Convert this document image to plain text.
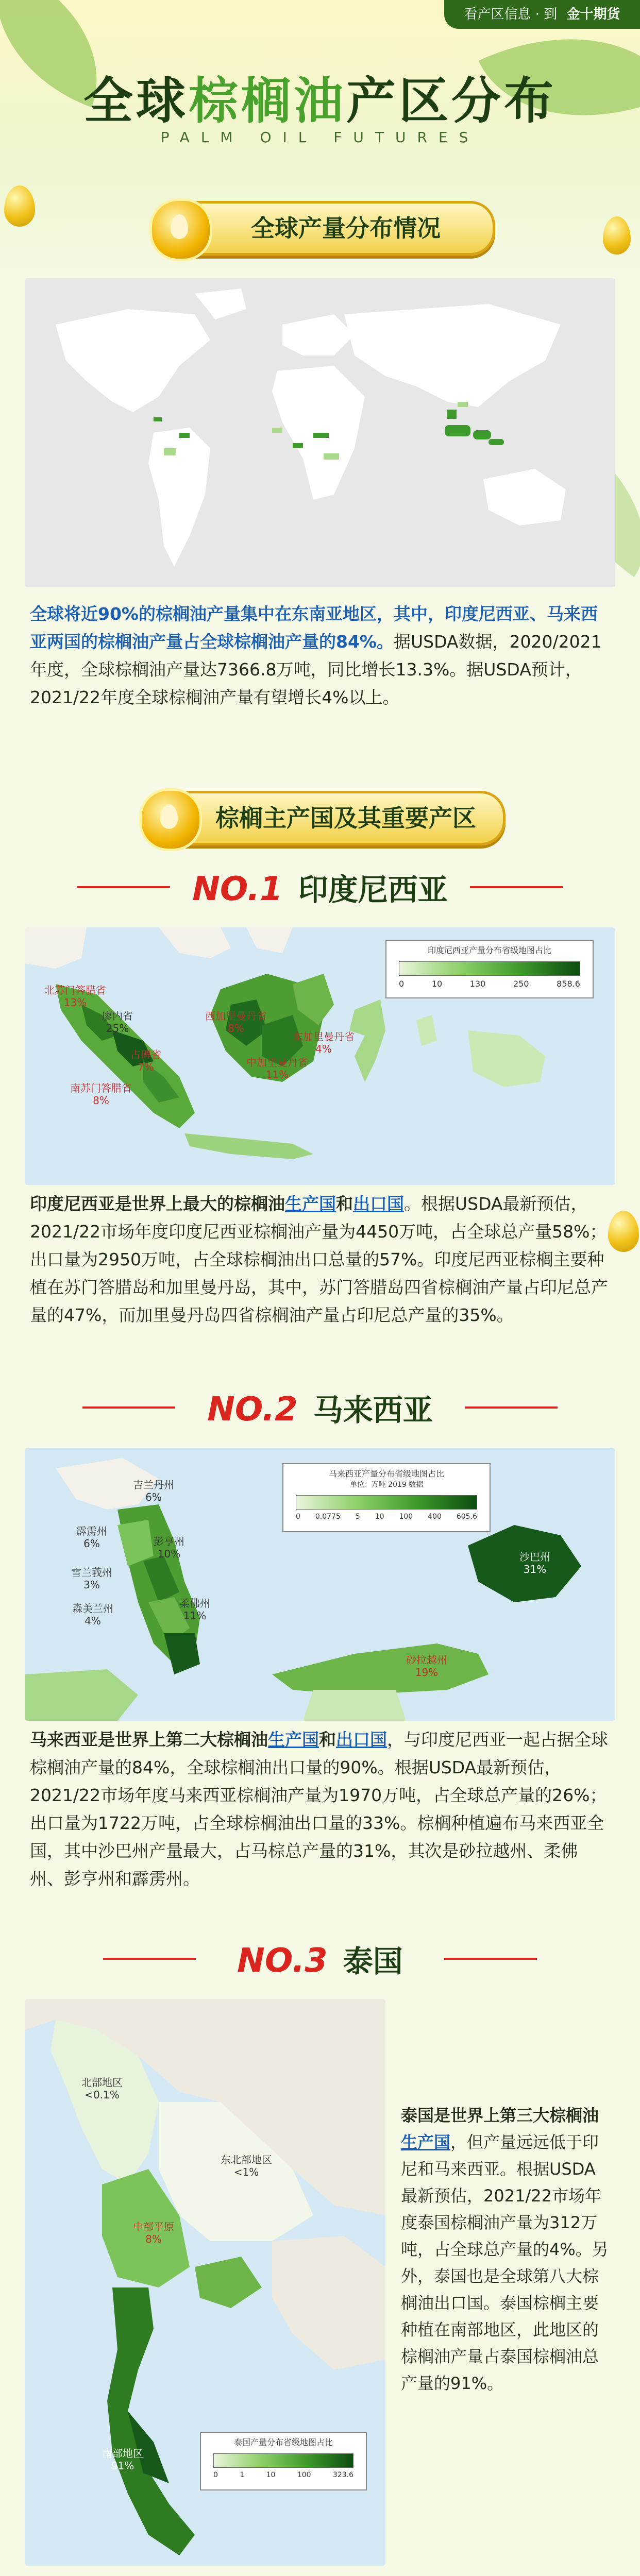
看产区信息 · 到 金十期货
全球棕榈油产区分布
PALM OIL FUTURES
全球产量分布情况
全球将近90%的棕榈油产量集中在东南亚地区，其中，印度尼西亚、马来西亚两国的棕榈油产量占全球棕榈油产量的84%。据USDA数据，2020/2021年度，全球棕榈油产量达7366.8万吨，同比增长13.3%。据USDA预计，2021/22年度全球棕榈油产量有望增长4%以上。
棕榈主产国及其重要产区
NO.1 印度尼西亚
北苏门答腊省
13%
廖内省
25%
占碑省
7%
西加里曼丹省
8%
中加里曼丹省
11%
东加里曼丹省
4%
南苏门答腊省
8%
印度尼西亚产量分布省级地图占比
0	10	130	250	858.6
印度尼西亚是世界上最大的棕榈油生产国和出口国。根据USDA最新预估，2021/22市场年度印度尼西亚棕榈油产量为4450万吨，占全球总产量58%；出口量为2950万吨，占全球棕榈油出口总量的57%。印度尼西亚棕榈主要种植在苏门答腊岛和加里曼丹岛，其中，苏门答腊岛四省棕榈油产量占印尼总产量的47%，而加里曼丹岛四省棕榈油产量占印尼总产量的35%。
NO.2 马来西亚
吉兰丹州
6%
彭亨州
10%
霹雳州
6%
雪兰莪州
3%
森美兰州
4%
柔佛州
11%
砂拉越州
19%
沙巴州
31%
马来西亚产量分布省级地图占比
单位：万吨 2019 数据
0 0.0775 5 10 100 400 605.6
马来西亚是世界上第二大棕榈油生产国和出口国，与印度尼西亚一起占据全球棕榈油产量的84%，全球棕榈油出口量的90%。根据USDA最新预估，2021/22市场年度马来西亚棕榈油产量为1970万吨，占全球总产量的26%；出口量为1722万吨，占全球棕榈油出口量的33%。棕榈种植遍布马来西亚全国，其中沙巴州产量最大，占马棕总产量的31%，其次是砂拉越州、柔佛州、彭亨州和霹雳州。
NO.3 泰国
北部地区
<0.1%
东北部地区
<1%
中部平原
8%
南部地区
91%
泰国产量分布省级地图占比
0	1	10	100	323.6
泰国是世界上第三大棕榈油生产国，但产量远远低于印尼和马来西亚。根据USDA最新预估，2021/22市场年度泰国棕榈油产量为312万吨，占全球总产量的4%。另外，泰国也是全球第八大棕榈油出口国。泰国棕榈主要种植在南部地区，此地区的棕榈油产量占泰国棕榈油总产量的91%。
